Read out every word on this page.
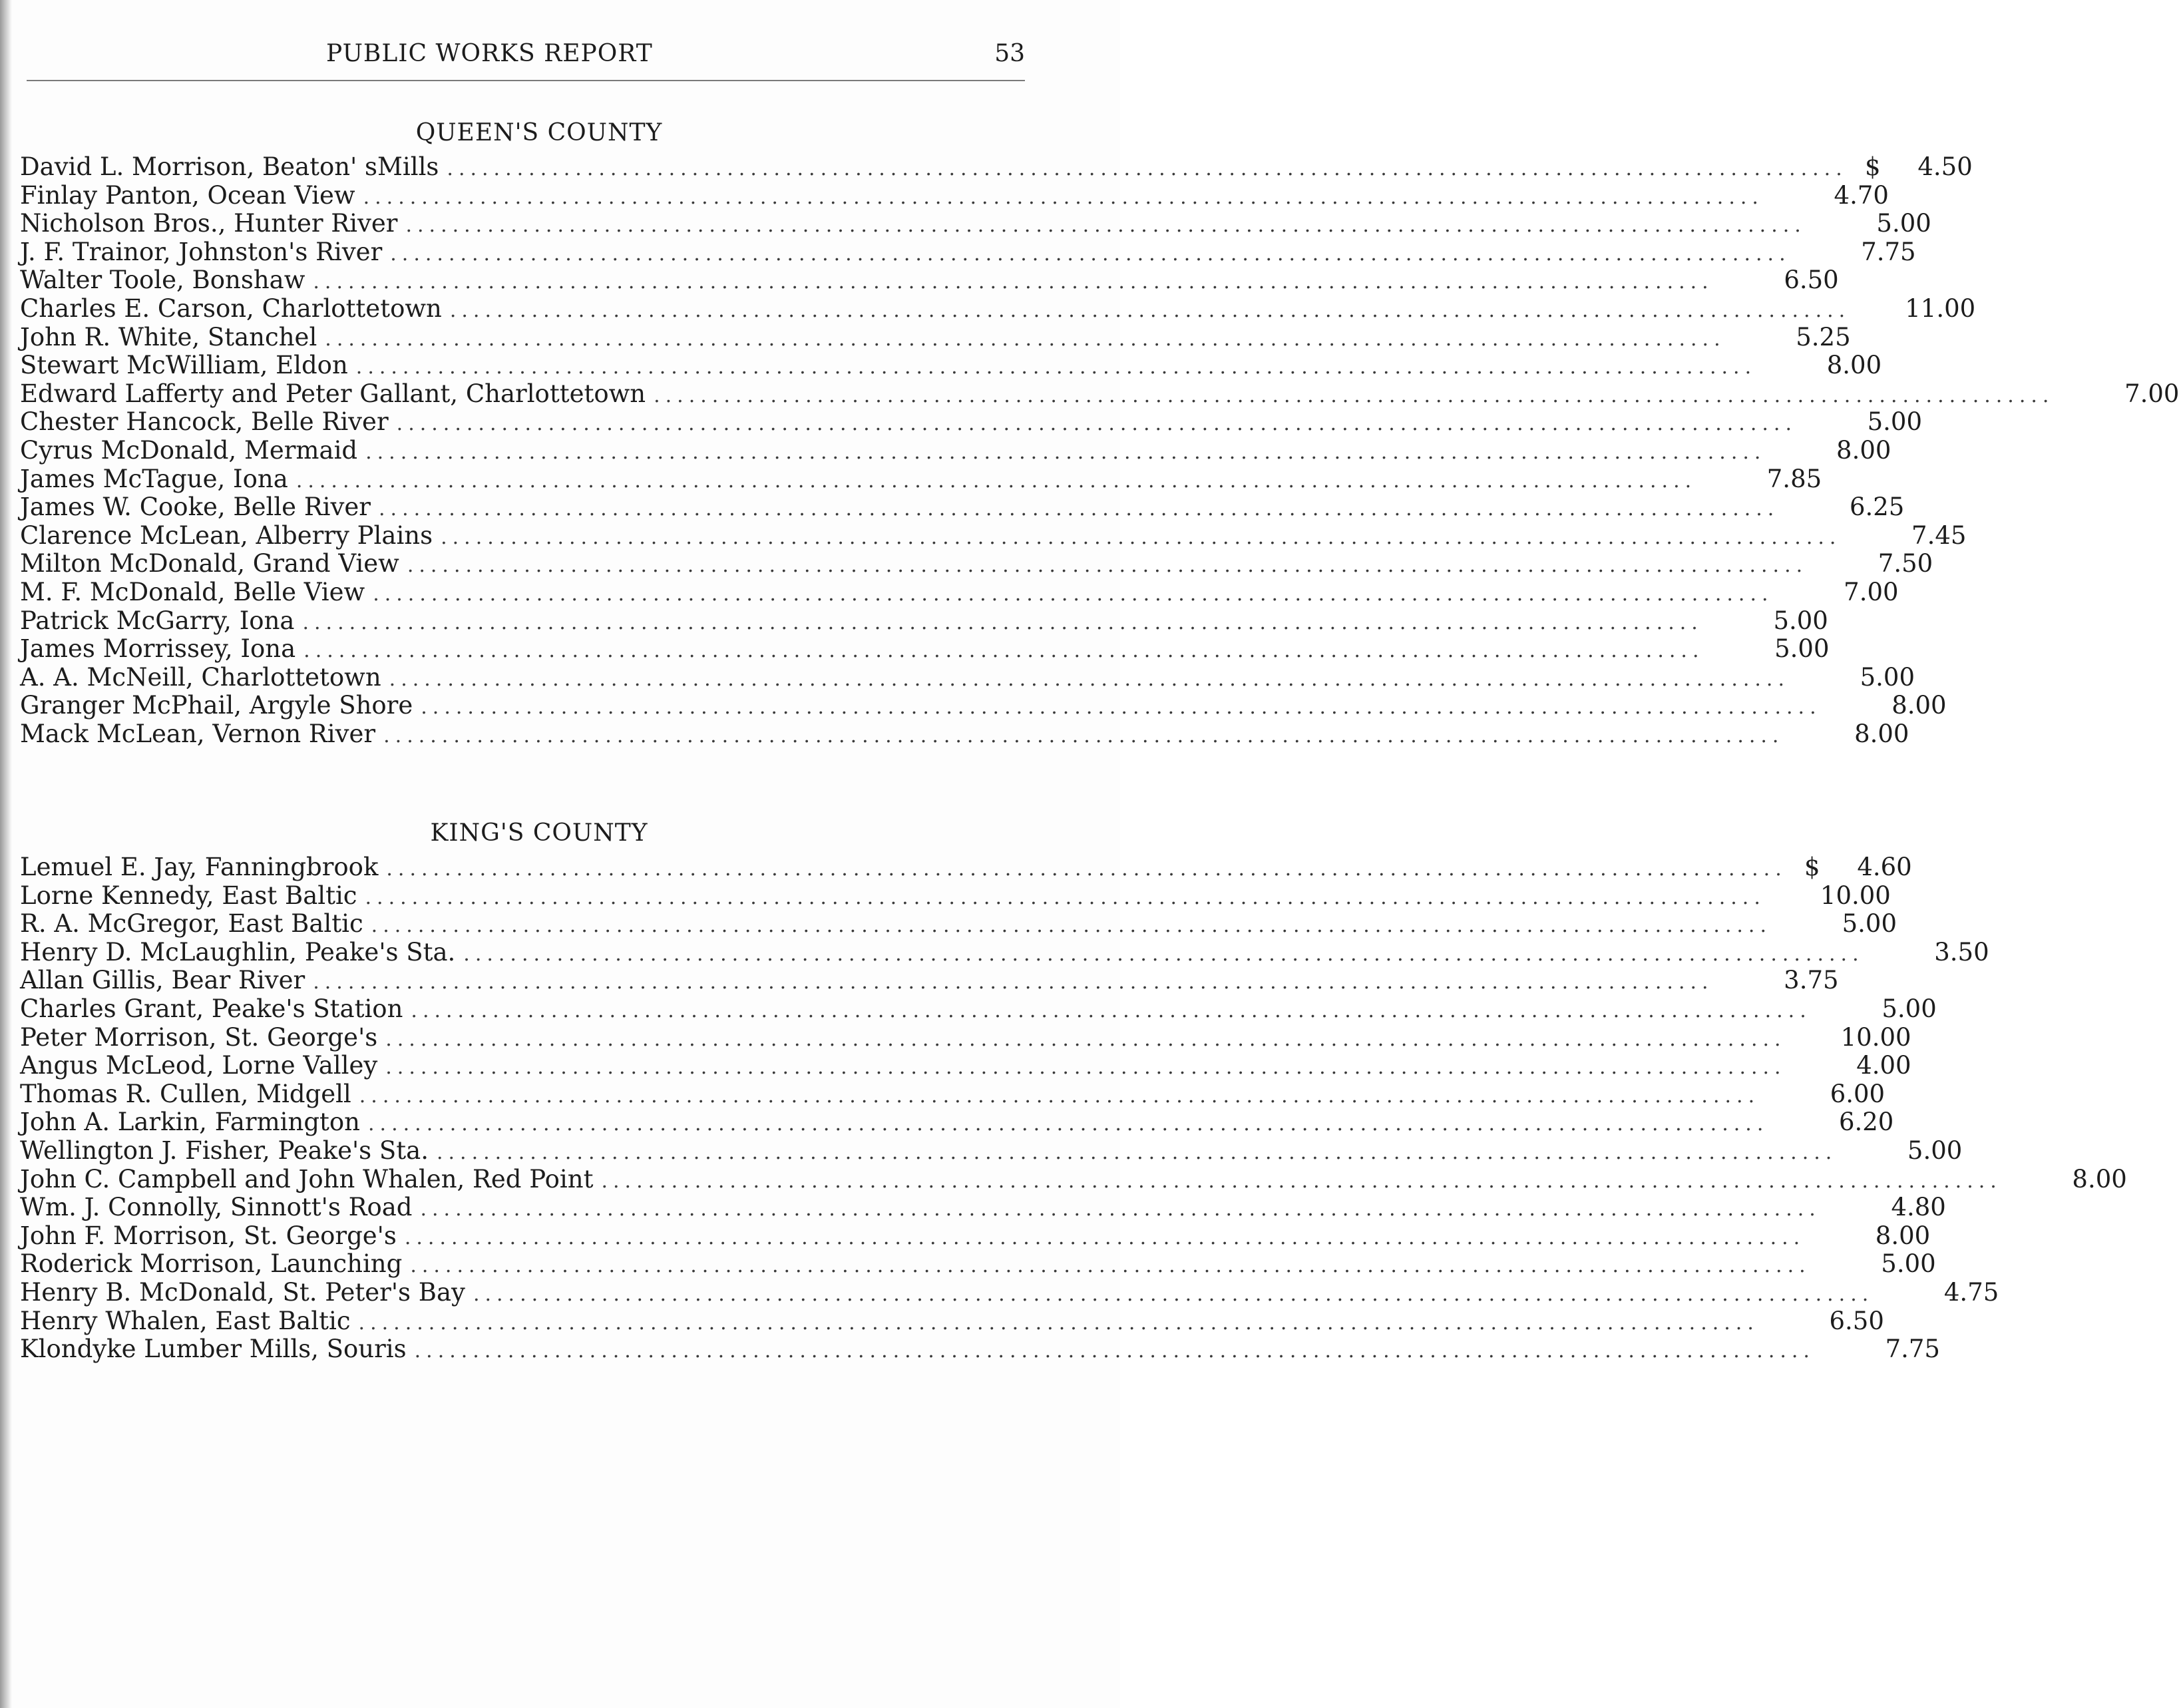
PUBLIC WORKS REPORT	53
QUEEN'S COUNTY
David L. Morrison, Beaton' sMills ........................................................................................................................ $	4.50
Finlay Panton, Ocean View ........................................................................................................................	4.70
Nicholson Bros., Hunter River ........................................................................................................................	5.00
J. F. Trainor, Johnston's River ........................................................................................................................	7.75
Walter Toole, Bonshaw ........................................................................................................................	6.50
Charles E. Carson, Charlottetown ........................................................................................................................	11.00
John R. White, Stanchel ........................................................................................................................	5.25
Stewart McWilliam, Eldon ........................................................................................................................	8.00
Edward Lafferty and Peter Gallant, Charlottetown ........................................................................................................................	7.00
Chester Hancock, Belle River ........................................................................................................................	5.00
Cyrus McDonald, Mermaid ........................................................................................................................	8.00
James McTague, Iona ........................................................................................................................	7.85
James W. Cooke, Belle River ........................................................................................................................	6.25
Clarence McLean, Alberry Plains ........................................................................................................................	7.45
Milton McDonald, Grand View ........................................................................................................................	7.50
M. F. McDonald, Belle View ........................................................................................................................	7.00
Patrick McGarry, Iona ........................................................................................................................	5.00
James Morrissey, Iona ........................................................................................................................	5.00
A. A. McNeill, Charlottetown ........................................................................................................................	5.00
Granger McPhail, Argyle Shore ........................................................................................................................	8.00
Mack McLean, Vernon River ........................................................................................................................	8.00
KING'S COUNTY
Lemuel E. Jay, Fanningbrook ........................................................................................................................ $	4.60
Lorne Kennedy, East Baltic ........................................................................................................................	10.00
R. A. McGregor, East Baltic ........................................................................................................................	5.00
Henry D. McLaughlin, Peake's Sta. ........................................................................................................................	3.50
Allan Gillis, Bear River ........................................................................................................................	3.75
Charles Grant, Peake's Station ........................................................................................................................	5.00
Peter Morrison, St. George's ........................................................................................................................	10.00
Angus McLeod, Lorne Valley ........................................................................................................................	4.00
Thomas R. Cullen, Midgell ........................................................................................................................	6.00
John A. Larkin, Farmington ........................................................................................................................	6.20
Wellington J. Fisher, Peake's Sta. ........................................................................................................................	5.00
John C. Campbell and John Whalen, Red Point ........................................................................................................................	8.00
Wm. J. Connolly, Sinnott's Road ........................................................................................................................	4.80
John F. Morrison, St. George's ........................................................................................................................	8.00
Roderick Morrison, Launching ........................................................................................................................	5.00
Henry B. McDonald, St. Peter's Bay ........................................................................................................................	4.75
Henry Whalen, East Baltic ........................................................................................................................	6.50
Klondyke Lumber Mills, Souris ........................................................................................................................	7.75
